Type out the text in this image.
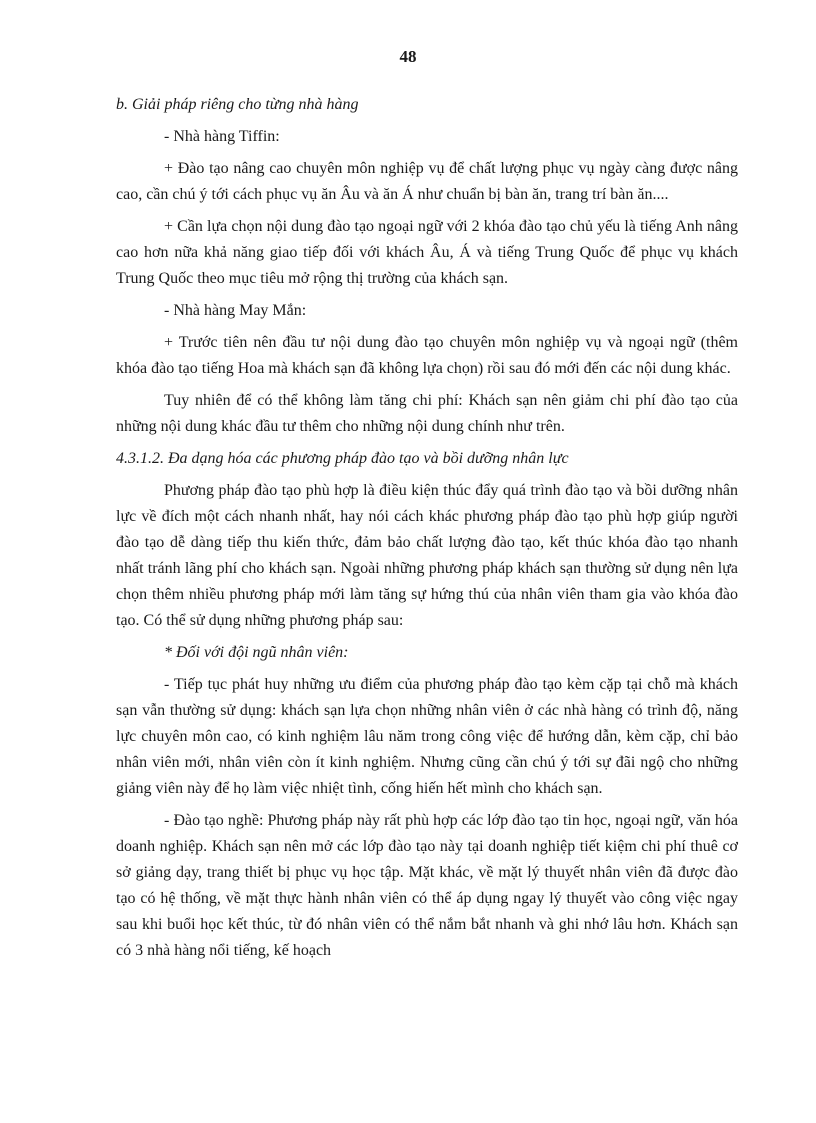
48

b. Giải pháp riêng cho từng nhà hàng

- Nhà hàng Tiffin:

+ Đào tạo nâng cao chuyên môn nghiệp vụ để chất lượng phục vụ ngày càng được nâng cao, cần chú ý tới cách phục vụ ăn Âu và ăn Á như chuẩn bị bàn ăn, trang trí bàn ăn....

+ Cần lựa chọn nội dung đào tạo ngoại ngữ với 2 khóa đào tạo chủ yếu là tiếng Anh nâng cao hơn nữa khả năng giao tiếp đối với khách Âu, Á và tiếng Trung Quốc để phục vụ khách Trung Quốc theo mục tiêu mở rộng thị trường của khách sạn.

- Nhà hàng May Mắn:

+ Trước tiên nên đầu tư nội dung đào tạo chuyên môn nghiệp vụ và ngoại ngữ (thêm khóa đào tạo tiếng Hoa mà khách sạn đã không lựa chọn) rồi sau đó mới đến các nội dung khác.

Tuy nhiên để có thể không làm tăng chi phí: Khách sạn nên giảm chi phí đào tạo của những nội dung khác đầu tư thêm cho những nội dung chính như trên.

4.3.1.2. Đa dạng hóa các phương pháp đào tạo và bồi dưỡng nhân lực

Phương pháp đào tạo phù hợp là điều kiện thúc đẩy quá trình đào tạo và bồi dưỡng nhân lực về đích một cách nhanh nhất, hay nói cách khác phương pháp đào tạo phù hợp giúp người đào tạo dễ dàng tiếp thu kiến thức, đảm bảo chất lượng đào tạo, kết thúc khóa đào tạo nhanh nhất tránh lãng phí cho khách sạn. Ngoài những phương pháp khách sạn thường sử dụng nên lựa chọn thêm nhiều phương pháp mới làm tăng sự hứng thú của nhân viên tham gia vào khóa đào tạo. Có thể sử dụng những phương pháp sau:

* Đối với đội ngũ nhân viên:

- Tiếp tục phát huy những ưu điểm của phương pháp đào tạo kèm cặp tại chỗ mà khách sạn vẫn thường sử dụng: khách sạn lựa chọn những nhân viên ở các nhà hàng có trình độ, năng lực chuyên môn cao, có kinh nghiệm lâu năm trong công việc để hướng dẫn, kèm cặp, chỉ bảo nhân viên mới, nhân viên còn ít kinh nghiệm. Nhưng cũng cần chú ý tới sự đãi ngộ cho những giảng viên này để họ làm việc nhiệt tình, cống hiến hết mình cho khách sạn.

- Đào tạo nghề: Phương pháp này rất phù hợp các lớp đào tạo tin học, ngoại ngữ, văn hóa doanh nghiệp. Khách sạn nên mở các lớp đào tạo này tại doanh nghiệp tiết kiệm chi phí thuê cơ sở giảng dạy, trang thiết bị phục vụ học tập. Mặt khác, về mặt lý thuyết nhân viên đã được đào tạo có hệ thống, về mặt thực hành nhân viên có thể áp dụng ngay lý thuyết vào công việc ngay sau khi buổi học kết thúc, từ đó nhân viên có thể nắm bắt nhanh và ghi nhớ lâu hơn. Khách sạn có 3 nhà hàng nổi tiếng, kế hoạch
